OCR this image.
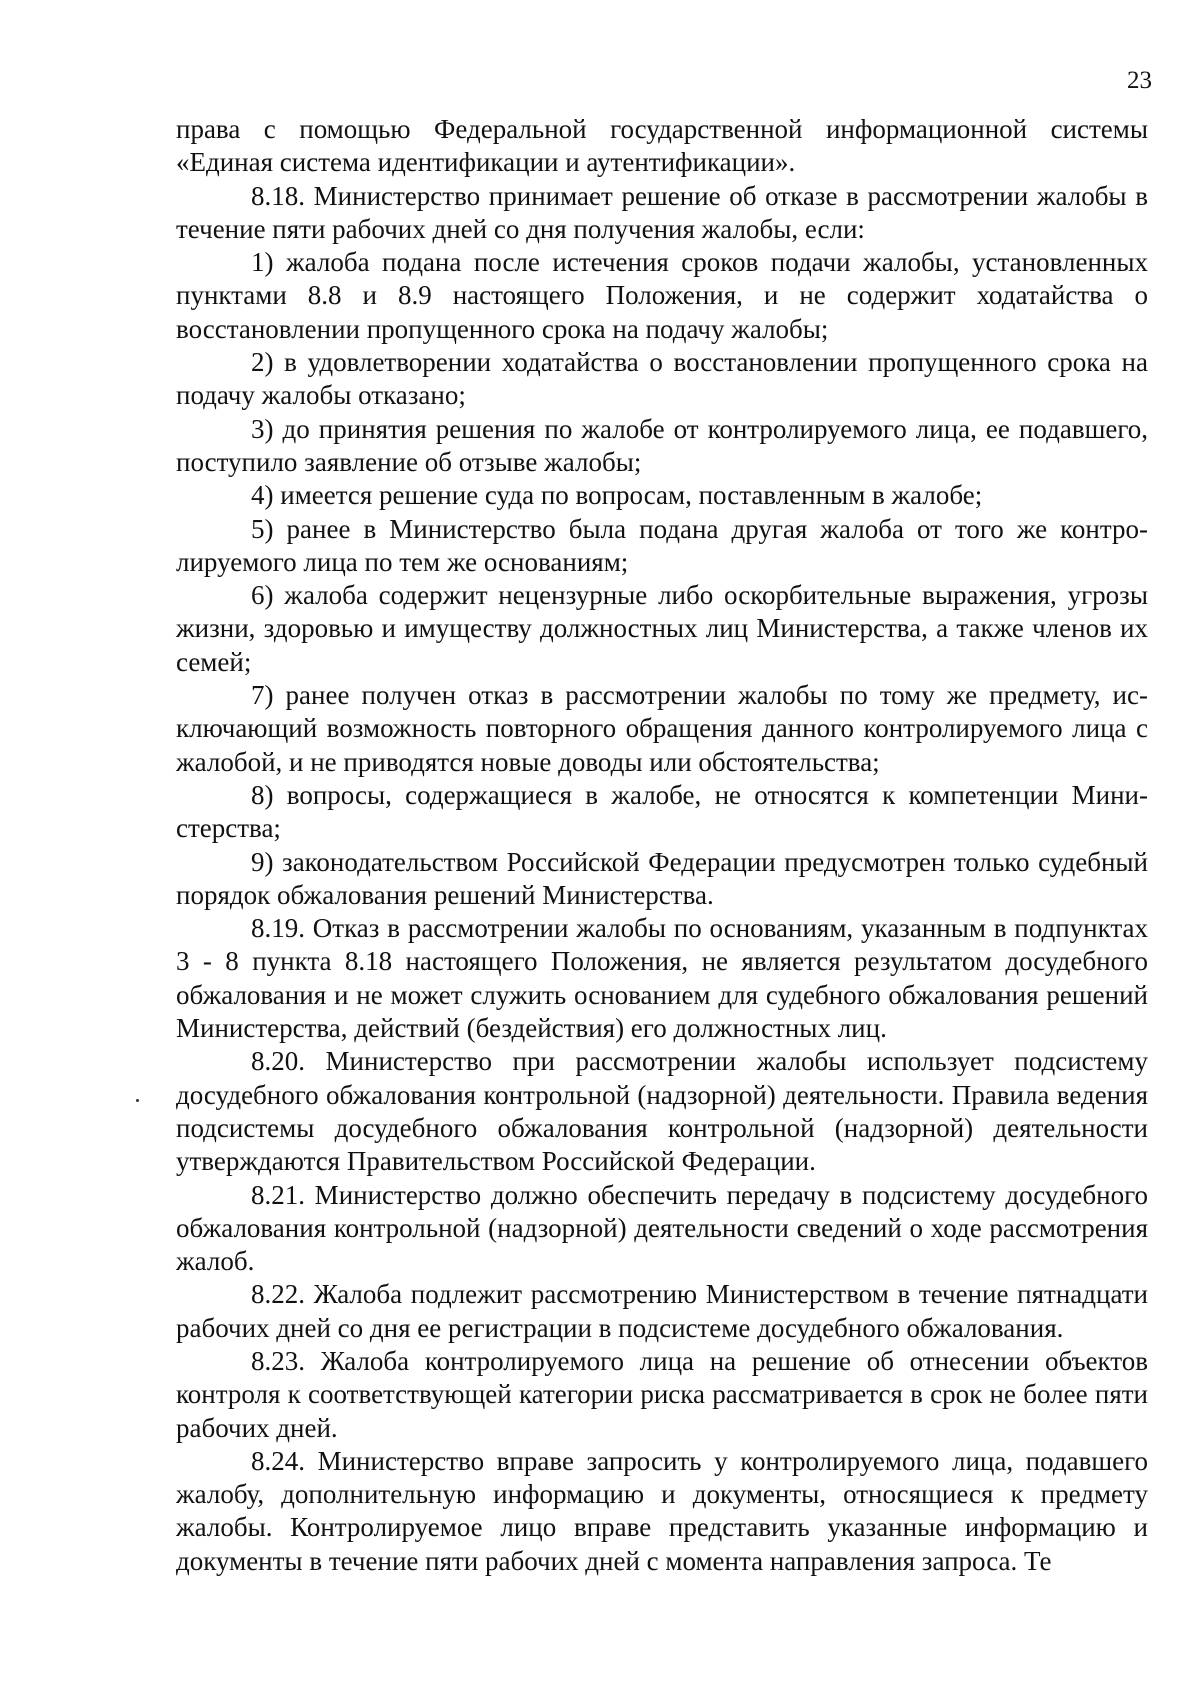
23

права с помощью Федеральной государственной информационной системы «Единая система идентификации и аутентификации».

8.18. Министерство принимает решение об отказе в рассмотрении жалобы в течение пяти рабочих дней со дня получения жалобы, если:

1) жалоба подана после истечения сроков подачи жалобы, установленных пунктами 8.8 и 8.9 настоящего Положения, и не содержит ходатайства о восстановлении пропущенного срока на подачу жалобы;

2) в удовлетворении ходатайства о восстановлении пропущенного срока на подачу жалобы отказано;

3) до принятия решения по жалобе от контролируемого лица, ее подавшего, поступило заявление об отзыве жалобы;

4) имеется решение суда по вопросам, поставленным в жалобе;

5) ранее в Министерство была подана другая жалоба от того же контролируемого лица по тем же основаниям;

6) жалоба содержит нецензурные либо оскорбительные выражения, угрозы жизни, здоровью и имуществу должностных лиц Министерства, а также членов их семей;

7) ранее получен отказ в рассмотрении жалобы по тому же предмету, исключающий возможность повторного обращения данного контролируемого лица с жалобой, и не приводятся новые доводы или обстоятельства;

8) вопросы, содержащиеся в жалобе, не относятся к компетенции Министерства;

9) законодательством Российской Федерации предусмотрен только судебный порядок обжалования решений Министерства.

8.19. Отказ в рассмотрении жалобы по основаниям, указанным в подпунктах 3 - 8 пункта 8.18 настоящего Положения, не является результатом досудебного обжалования и не может служить основанием для судебного обжалования решений Министерства, действий (бездействия) его должностных лиц.

8.20. Министерство при рассмотрении жалобы использует подсистему досудебного обжалования контрольной (надзорной) деятельности. Правила ведения подсистемы досудебного обжалования контрольной (надзорной) деятельности утверждаются Правительством Российской Федерации.

8.21. Министерство должно обеспечить передачу в подсистему досудебного обжалования контрольной (надзорной) деятельности сведений о ходе рассмотрения жалоб.

8.22. Жалоба подлежит рассмотрению Министерством в течение пятнадцати рабочих дней со дня ее регистрации в подсистеме досудебного обжалования.

8.23. Жалоба контролируемого лица на решение об отнесении объектов контроля к соответствующей категории риска рассматривается в срок не более пяти рабочих дней.

8.24. Министерство вправе запросить у контролируемого лица, подавшего жалобу, дополнительную информацию и документы, относящиеся к предмету жалобы. Контролируемое лицо вправе представить указанные информацию и документы в течение пяти рабочих дней с момента направления запроса. Те
